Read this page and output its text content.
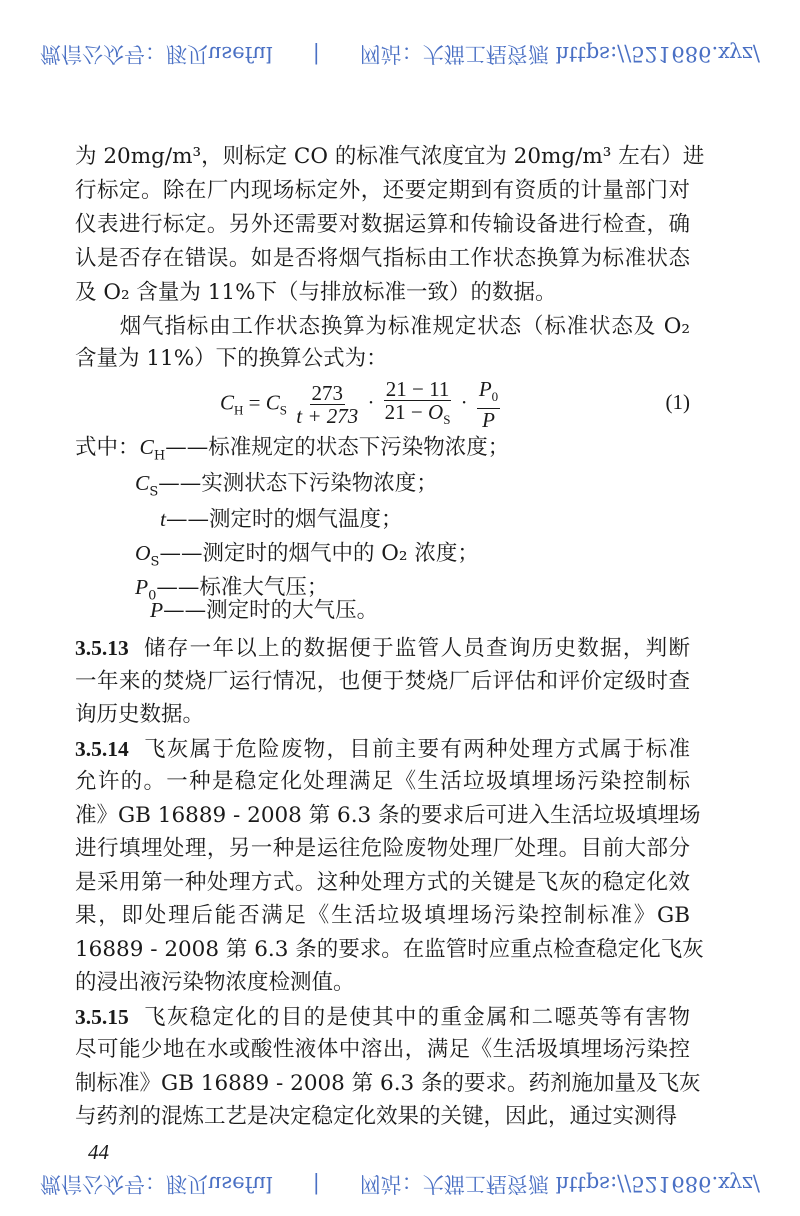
微信公众号：豚贝useful | 网站：大猫工程资源 https://521686.xyz/
为 20mg/m³，则标定 CO 的标准气浓度宜为 20mg/m³ 左右）进
行标定。除在厂内现场标定外，还要定期到有资质的计量部门对
仪表进行标定。另外还需要对数据运算和传输设备进行检查，确
认是否存在错误。如是否将烟气指标由工作状态换算为标准状态
及 O₂ 含量为 11%下（与排放标准一致）的数据。
　　烟气指标由工作状态换算为标准规定状态（标准状态及 O₂
含量为 11%）下的换算公式为：
3.5.13 储存一年以上的数据便于监管人员查询历史数据，判断
一年来的焚烧厂运行情况，也便于焚烧厂后评估和评价定级时查
询历史数据。
3.5.14 飞灰属于危险废物，目前主要有两种处理方式属于标准
允许的。一种是稳定化处理满足《生活垃圾填埋场污染控制标
准》GB 16889 - 2008 第 6.3 条的要求后可进入生活垃圾填埋场
进行填埋处理，另一种是运往危险废物处理厂处理。目前大部分
是采用第一种处理方式。这种处理方式的关键是飞灰的稳定化效
果，即处理后能否满足《生活垃圾填埋场污染控制标准》GB
16889 - 2008 第 6.3 条的要求。在监管时应重点检查稳定化飞灰
的浸出液污染物浓度检测值。
3.5.15 飞灰稳定化的目的是使其中的重金属和二噁英等有害物
尽可能少地在水或酸性液体中溶出，满足《生活圾填埋场污染控
制标准》GB 16889 - 2008 第 6.3 条的要求。药剂施加量及飞灰
与药剂的混炼工艺是决定稳定化效果的关键，因此，通过实测得
$C_H = C_S \frac{273}{t + 273} \cdot \frac{21 - 11}{21 - O_S} \cdot \frac{P_0}{P}$	(1)
式中：$C_H——$标准规定的状态下污染物浓度；
$C_S——$实测状态下污染物浓度；
t——测定时的烟气温度；
$O_S——$测定时的烟气中的 O₂ 浓度；
$P_0——$标准大气压；
P——测定时的大气压。
44
微信公众号：豚贝useful | 网站：大猫工程资源 https://521686.xyz/
